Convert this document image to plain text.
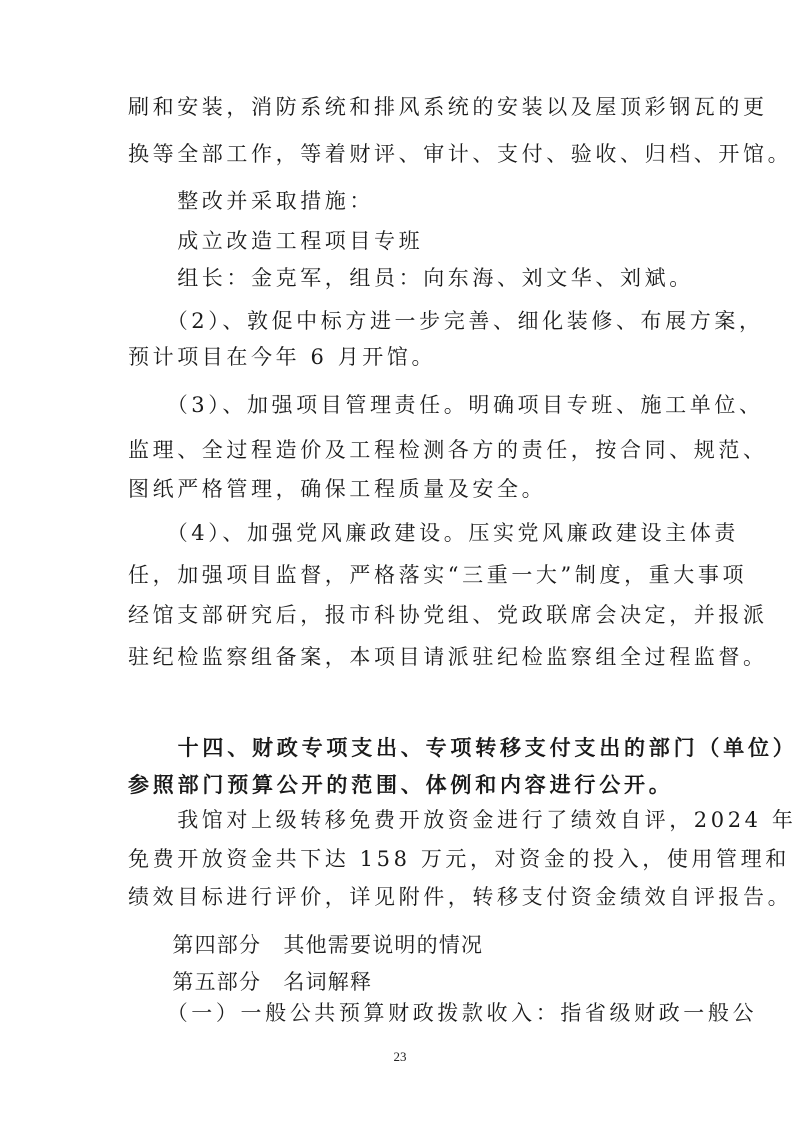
刷和安装，消防系统和排风系统的安装以及屋顶彩钢瓦的更
换等全部工作，等着财评、审计、支付、验收、归档、开馆。
　　整改并采取措施：
　　成立改造工程项目专班
　　组长：金克军，组员：向东海、刘文华、刘斌。
　　（2）、敦促中标方进一步完善、细化装修、布展方案，
预计项目在今年 6 月开馆。
　　（3）、加强项目管理责任。明确项目专班、施工单位、
监理、全过程造价及工程检测各方的责任，按合同、规范、
图纸严格管理，确保工程质量及安全。
　　（4）、加强党风廉政建设。压实党风廉政建设主体责
任，加强项目监督，严格落实“三重一大”制度，重大事项
经馆支部研究后，报市科协党组、党政联席会决定，并报派
驻纪检监察组备案，本项目请派驻纪检监察组全过程监督。
　　十四、财政专项支出、专项转移支付支出的部门（单位）
参照部门预算公开的范围、体例和内容进行公开。
　　我馆对上级转移免费开放资金进行了绩效自评，2024 年
免费开放资金共下达 158 万元，对资金的投入，使用管理和
绩效目标进行评价，详见附件，转移支付资金绩效自评报告。
　　第四部分　其他需要说明的情况
　　第五部分　名词解释
　　（一）一般公共预算财政拨款收入：指省级财政一般公
23
